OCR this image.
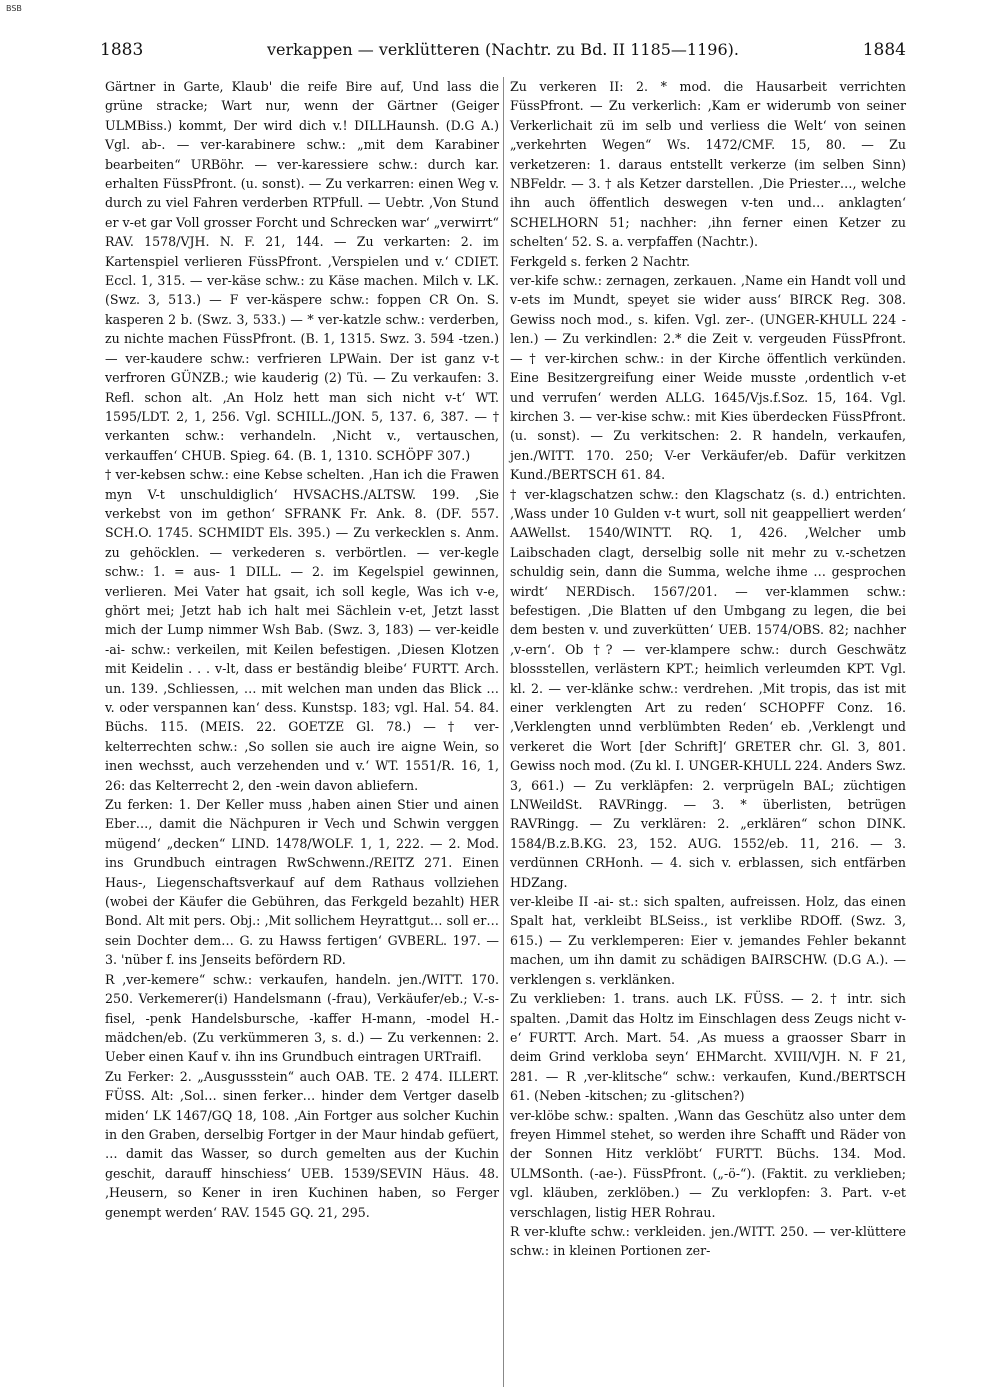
BSB
1883	verkappen — verklütteren (Nachtr. zu Bd. II 1185—1196).	1884

Gärtner in Garte, Klaub' die reife Bire auf, Und lass die grüne stracke; Wart nur, wenn der Gärtner (Geiger ULMBiss.) kommt, Der wird dich v.! DILLHaunsh. (D.G A.) Vgl. ab-. — ver-karabinere schw.: „mit dem Karabiner bearbeiten“ URBöhr. — ver-karessiere schw.: durch kar. erhalten FüssPfront. (u. sonst). — Zu verkarren: einen Weg v. durch zu viel Fahren verderben RTPfull. — Uebtr. ‚Von Stund er v-et gar Voll grosser Forcht und Schrecken war‘ „verwirrt“ RAV. 1578/VJH. N. F. 21, 144. — Zu verkarten: 2. im Kartenspiel verlieren FüssPfront. ‚Verspielen und v.‘ CDIET. Eccl. 1, 315. — ver-käse schw.: zu Käse machen. Milch v. LK. (Swz. 3, 513.) — F ver-käspere schw.: foppen CR On. S. kasperen 2 b. (Swz. 3, 533.) — * ver-katzle schw.: verderben, zu nichte machen FüssPfront. (B. 1, 1315. Swz. 3. 594 -tzen.) — ver-kaudere schw.: verfrieren LPWain. Der ist ganz v-t verfroren GÜNZB.; wie kauderig (2) Tü. — Zu verkaufen: 3. Refl. schon alt. ‚An Holz hett man sich nicht v-t‘ WT. 1595/LDT. 2, 1, 256. Vgl. SCHILL./JON. 5, 137. 6, 387. — † verkanten schw.: verhandeln. ‚Nicht v., vertauschen, verkauffen‘ CHUB. Spieg. 64. (B. 1, 1310. SCHÖPF 307.)

† ver-kebsen schw.: eine Kebse schelten. ‚Han ich die Frawen myn V-t unschuldiglich‘ HVSACHS./ALTSW. 199. ‚Sie verkebst von im gethon‘ SFRANK Fr. Ank. 8. (DF. 557. SCH.O. 1745. SCHMIDT Els. 395.) — Zu verkecklen s. Anm. zu gehöcklen. — verkederen s. verbörtlen. — ver-kegle schw.: 1. = aus- 1 DILL. — 2. im Kegelspiel gewinnen, verlieren. Mei Vater hat gsait, ich soll kegle, Was ich v-e, ghört mei; Jetzt hab ich halt mei Sächlein v-et, Jetzt lasst mich der Lump nimmer Wsh Bab. (Swz. 3, 183) — ver-keidle -ai- schw.: verkeilen, mit Keilen befestigen. ‚Diesen Klotzen mit Keidelin . . . v-lt, dass er beständig bleibe‘ FURTT. Arch. un. 139. ‚Schliessen, … mit welchen man unden das Blick … v. oder verspannen kan‘ dess. Kunstsp. 183; vgl. Hal. 54. 84. Büchs. 115. (MEIS. 22. GOETZE Gl. 78.) — † ver-kelterrechten schw.: ‚So sollen sie auch ire aigne Wein, so inen wechsst, auch verzehenden und v.‘ WT. 1551/R. 16, 1, 26: das Kelterrecht 2, den -wein davon abliefern.

Zu ferken: 1. Der Keller muss ‚haben ainen Stier und ainen Eber…, damit die Nächpuren ir Vech und Schwin verggen mügend‘ „decken“ LIND. 1478/WOLF. 1, 1, 222. — 2. Mod. ins Grundbuch eintragen RwSchwenn./REITZ 271. Einen Haus-, Liegenschaftsverkauf auf dem Rathaus vollziehen (wobei der Käufer die Gebühren, das Ferkgeld bezahlt) HER Bond. Alt mit pers. Obj.: ‚Mit sollichem Heyrattgut… soll er… sein Dochter dem… G. zu Hawss fertigen‘ GVBERL. 197. — 3. 'nüber f. ins Jenseits befördern RD.

R ‚ver-kemere“ schw.: verkaufen, handeln. jen./WITT. 170. 250. Verkemerer(i) Handelsmann (-frau), Verkäufer/eb.; V.-s-fisel, -penk Handelsbursche, -kaffer H-mann, -model H.-mädchen/eb. (Zu verkümmeren 3, s. d.) — Zu verkennen: 2. Ueber einen Kauf v. ihn ins Grundbuch eintragen URTraifl.

Zu Ferker: 2. „Ausgussstein“ auch OAB. TE. 2 474. ILLERT. FÜSS. Alt: ‚Sol… sinen ferker… hinder dem Vertger daselb miden‘ LK 1467/GQ 18, 108. ‚Ain Fortger aus solcher Kuchin in den Graben, derselbig Fortger in der Maur hindab gefüert, … damit das Wasser, so durch gemelten aus der Kuchin geschit, darauff hinschiess‘ UEB. 1539/SEVIN Häus. 48. ‚Heusern, so Kener in iren Kuchinen haben, so Ferger genempt werden‘ RAV. 1545 GQ. 21, 295.

Zu verkeren II: 2. * mod. die Hausarbeit verrichten FüssPfront. — Zu verkerlich: ‚Kam er widerumb von seiner Verkerlichait zü im selb und verliess die Welt‘ von seinen „verkehrten Wegen“ Ws. 1472/CMF. 15, 80. — Zu verketzeren: 1. daraus entstellt verkerze (im selben Sinn) NBFeldr. — 3. † als Ketzer darstellen. ‚Die Priester…, welche ihn auch öffentlich deswegen v-ten und… anklagten‘ SCHELHORN 51; nachher: ‚ihn ferner einen Ketzer zu schelten‘ 52. S. a. verpfaffen (Nachtr.).

Ferkgeld s. ferken 2 Nachtr.

ver-kife schw.: zernagen, zerkauen. ‚Name ein Handt voll und v-ets im Mundt, speyet sie wider auss‘ BIRCK Reg. 308. Gewiss noch mod., s. kifen. Vgl. zer-. (UNGER-KHULL 224 -len.) — Zu verkindlen: 2.* die Zeit v. vergeuden FüssPfront. — † ver-kirchen schw.: in der Kirche öffentlich verkünden. Eine Besitzergreifung einer Weide musste ‚ordentlich v-et und verrufen‘ werden ALLG. 1645/Vjs.f.Soz. 15, 164. Vgl. kirchen 3. — ver-kise schw.: mit Kies überdecken FüssPfront. (u. sonst). — Zu verkitschen: 2. R handeln, verkaufen, jen./WITT. 170. 250; V-er Verkäufer/eb. Dafür verkitzen Kund./BERTSCH 61. 84.

† ver-klagschatzen schw.: den Klagschatz (s. d.) entrichten. ‚Wass under 10 Gulden v-t wurt, soll nit geappelliert werden‘ AAWellst. 1540/WINTT. RQ. 1, 426. ‚Welcher umb Laibschaden clagt, derselbig solle nit mehr zu v.-schetzen schuldig sein, dann die Summa, welche ihme … gesprochen wirdt‘ NERDisch. 1567/201. — ver-klammen schw.: befestigen. ‚Die Blatten uf den Umbgang zu legen, die bei dem besten v. und zuverkütten‘ UEB. 1574/OBS. 82; nachher ‚v-ern‘. Ob †? — ver-klampere schw.: durch Geschwätz blossstellen, verlästern KPT.; heimlich verleumden KPT. Vgl. kl. 2. — ver-klänke schw.: verdrehen. ‚Mit tropis, das ist mit einer verklengten Art zu reden‘ SCHOPFF Conz. 16. ‚Verklengten unnd verblümbten Reden‘ eb. ‚Verklengt und verkeret die Wort [der Schrift]‘ GRETER chr. Gl. 3, 801. Gewiss noch mod. (Zu kl. I. UNGER-KHULL 224. Anders Swz. 3, 661.) — Zu verkläpfen: 2. verprügeln BAL; züchtigen LNWeildSt. RAVRingg. — 3. * überlisten, betrügen RAVRingg. — Zu verklären: 2. „erklären“ schon DINK. 1584/B.z.B.KG. 23, 152. AUG. 1552/eb. 11, 216. — 3. verdünnen CRHonh. — 4. sich v. erblassen, sich entfärben HDZang.

ver-kleibe II -ai- st.: sich spalten, aufreissen. Holz, das einen Spalt hat, verkleibt BLSeiss., ist verklibe RDOff. (Swz. 3, 615.) — Zu verklemperen: Eier v. jemandes Fehler bekannt machen, um ihn damit zu schädigen BAIRSCHW. (D.G A.). — verklengen s. verklänken.

Zu verklieben: 1. trans. auch LK. FÜSS. — 2. † intr. sich spalten. ‚Damit das Holtz im Einschlagen dess Zeugs nicht v-e‘ FURTT. Arch. Mart. 54. ‚As muess a graosser Sbarr in deim Grind verkloba seyn‘ EHMarcht. XVIII/VJH. N. F 21, 281. — R ‚ver-klitsche“ schw.: verkaufen, Kund./BERTSCH 61. (Neben -kitschen; zu -glitschen?)

ver-klöbe schw.: spalten. ‚Wann das Geschütz also unter dem freyen Himmel stehet, so werden ihre Schafft und Räder von der Sonnen Hitz verklöbt‘ FURTT. Büchs. 134. Mod. ULMSonth. (-ae-). FüssPfront. („-ö-“). (Faktit. zu verklieben; vgl. kläuben, zerklöben.) — Zu verklopfen: 3. Part. v-et verschlagen, listig HER Rohrau.

R ver-klufte schw.: verkleiden. jen./WITT. 250. — ver-klüttere schw.: in kleinen Portionen zer-
